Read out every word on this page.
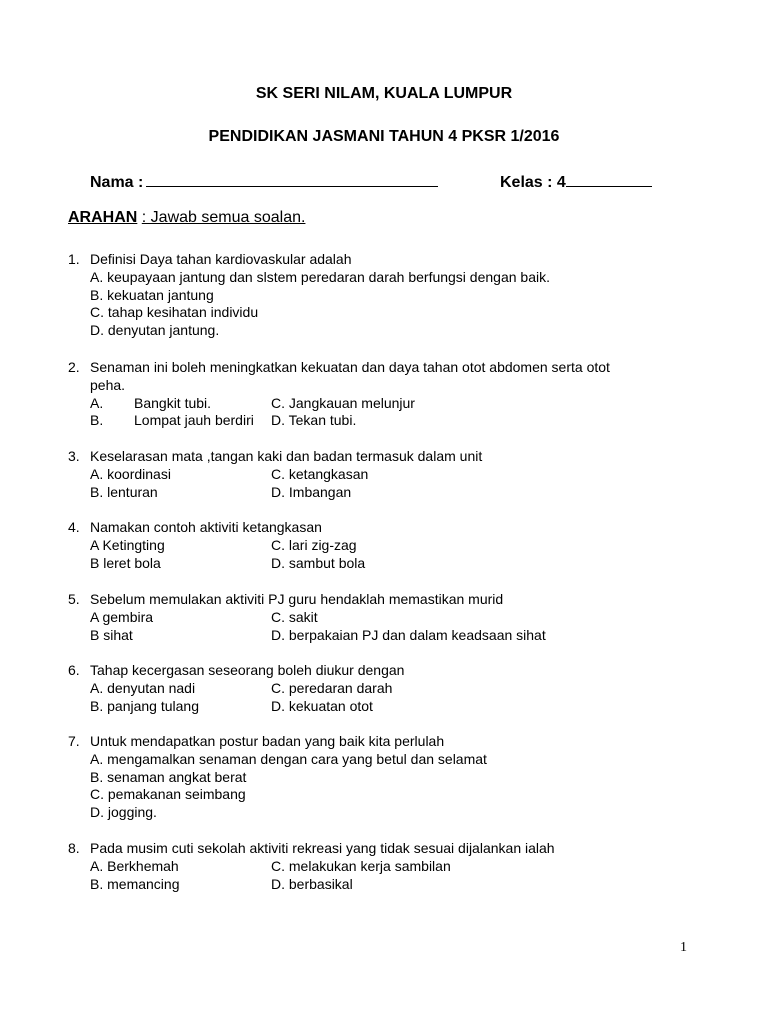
SK SERI NILAM, KUALA LUMPUR
PENDIDIKAN JASMANI TAHUN 4 PKSR 1/2016
Nama :	Kelas : 4
ARAHAN : Jawab semua soalan.
1. Definisi Daya tahan kardiovaskular adalah
A. keupayaan jantung dan slstem peredaran darah berfungsi dengan baik.
B. kekuatan jantung
C. tahap kesihatan individu
D. denyutan jantung.
2. Senaman ini boleh meningkatkan kekuatan dan daya tahan otot abdomen serta otot
peha.
A. Bangkit tubi.	C. Jangkauan melunjur
B. Lompat jauh berdiri D. Tekan tubi.
3. Keselarasan mata ,tangan kaki dan badan termasuk dalam unit
A. koordinasi	C. ketangkasan
B. lenturan	D. Imbangan
4. Namakan contoh aktiviti ketangkasan
A Ketingting	C. lari zig-zag
B leret bola	D. sambut bola
5. Sebelum memulakan aktiviti PJ guru hendaklah memastikan murid
A gembira	C. sakit
B sihat	D. berpakaian PJ dan dalam keadsaan sihat
6. Tahap kecergasan seseorang boleh diukur dengan
A. denyutan nadi	C. peredaran darah
B. panjang tulang	D. kekuatan otot
7. Untuk mendapatkan postur badan yang baik kita perlulah
A. mengamalkan senaman dengan cara yang betul dan selamat
B. senaman angkat berat
C. pemakanan seimbang
D. jogging.
8. Pada musim cuti sekolah aktiviti rekreasi yang tidak sesuai dijalankan ialah
A. Berkhemah	C. melakukan kerja sambilan
B. memancing	D. berbasikal
1
